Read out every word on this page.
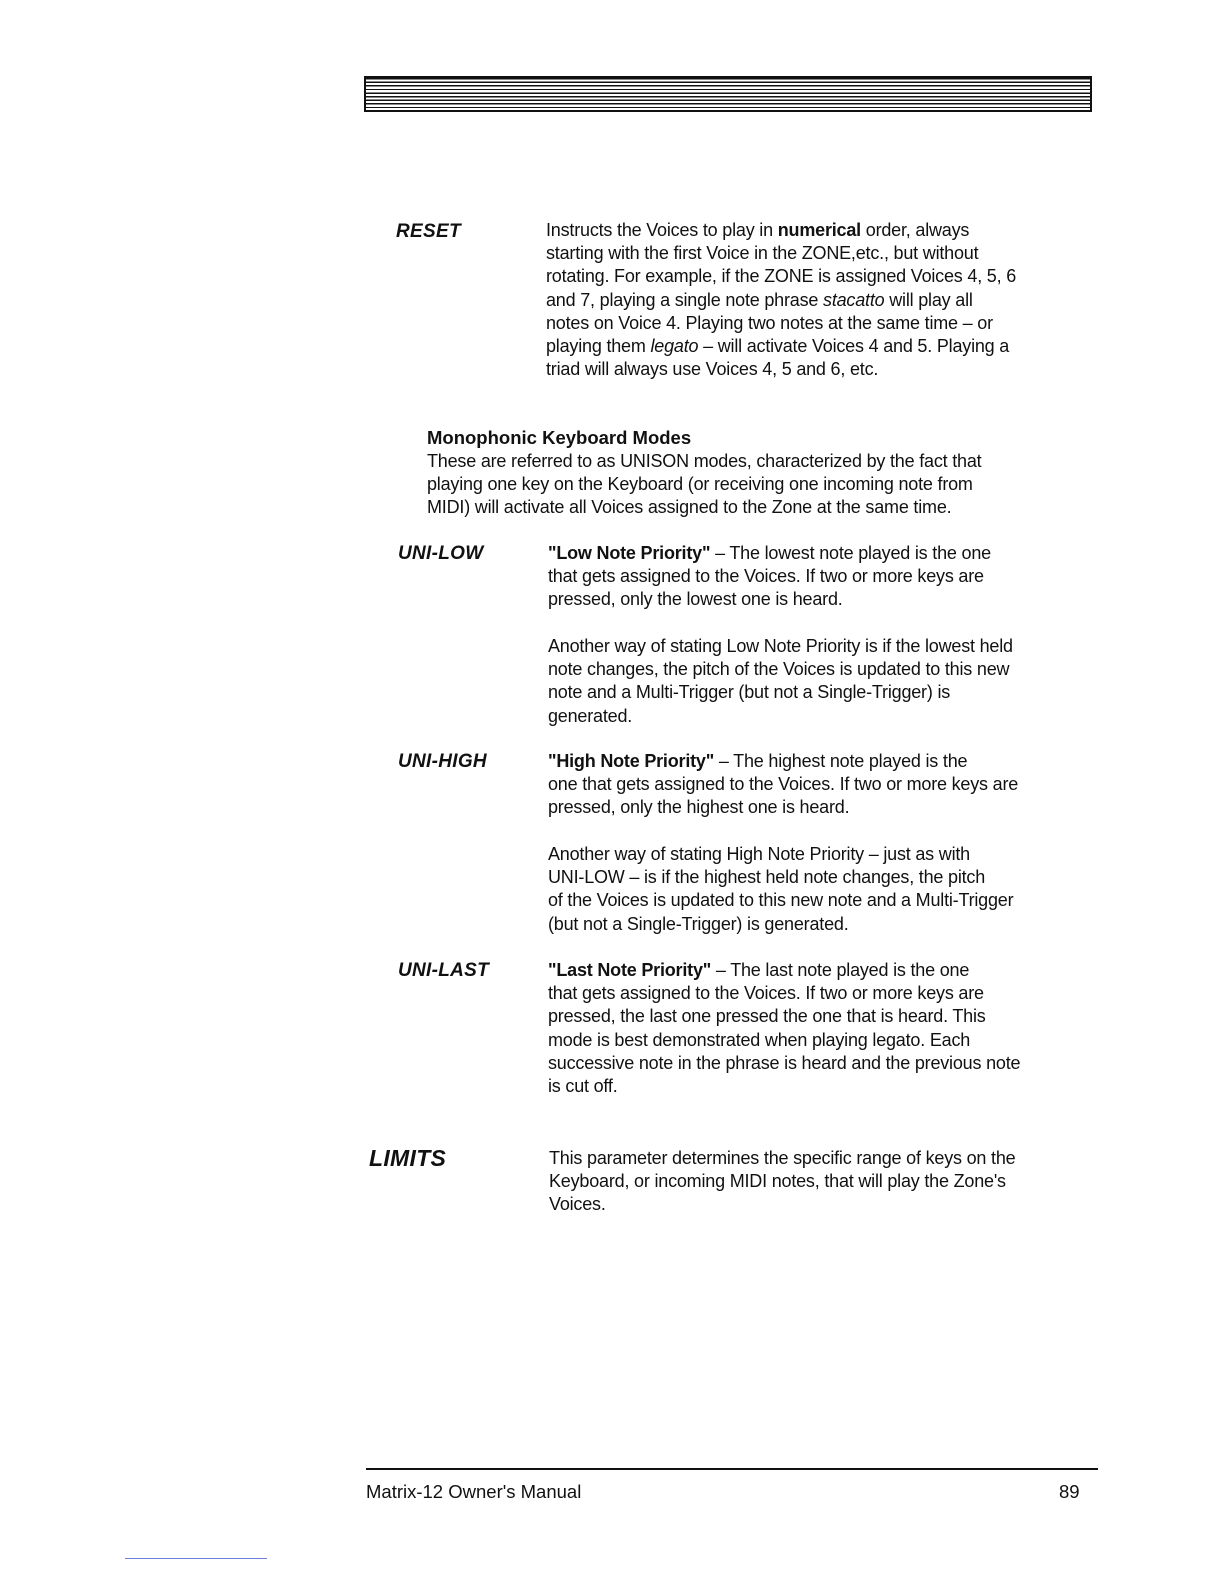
RESET	Instructs the Voices to play in numerical order, always
starting with the first Voice in the ZONE,etc., but without
rotating. For example, if the ZONE is assigned Voices 4, 5, 6
and 7, playing a single note phrase stacatto will play all
notes on Voice 4. Playing two notes at the same time – or
playing them legato – will activate Voices 4 and 5. Playing a
triad will always use Voices 4, 5 and 6, etc.

Monophonic Keyboard Modes

These are referred to as UNISON modes, characterized by the fact that
playing one key on the Keyboard (or receiving one incoming note from
MIDI) will activate all Voices assigned to the Zone at the same time.

UNI-LOW	"Low Note Priority" – The lowest note played is the one
that gets assigned to the Voices. If two or more keys are
pressed, only the lowest one is heard.

Another way of stating Low Note Priority is if the lowest held
note changes, the pitch of the Voices is updated to this new
note and a Multi-Trigger (but not a Single-Trigger) is
generated.

UNI-HIGH	"High Note Priority" – The highest note played is the
one that gets assigned to the Voices. If two or more keys are
pressed, only the highest one is heard.

Another way of stating High Note Priority – just as with
UNI-LOW – is if the highest held note changes, the pitch
of the Voices is updated to this new note and a Multi-Trigger
(but not a Single-Trigger) is generated.

UNI-LAST	"Last Note Priority" – The last note played is the one
that gets assigned to the Voices. If two or more keys are
pressed, the last one pressed the one that is heard. This
mode is best demonstrated when playing legato. Each
successive note in the phrase is heard and the previous note
is cut off.

LIMITS	This parameter determines the specific range of keys on the
Keyboard, or incoming MIDI notes, that will play the Zone's
Voices.

Matrix-12 Owner's Manual	89
